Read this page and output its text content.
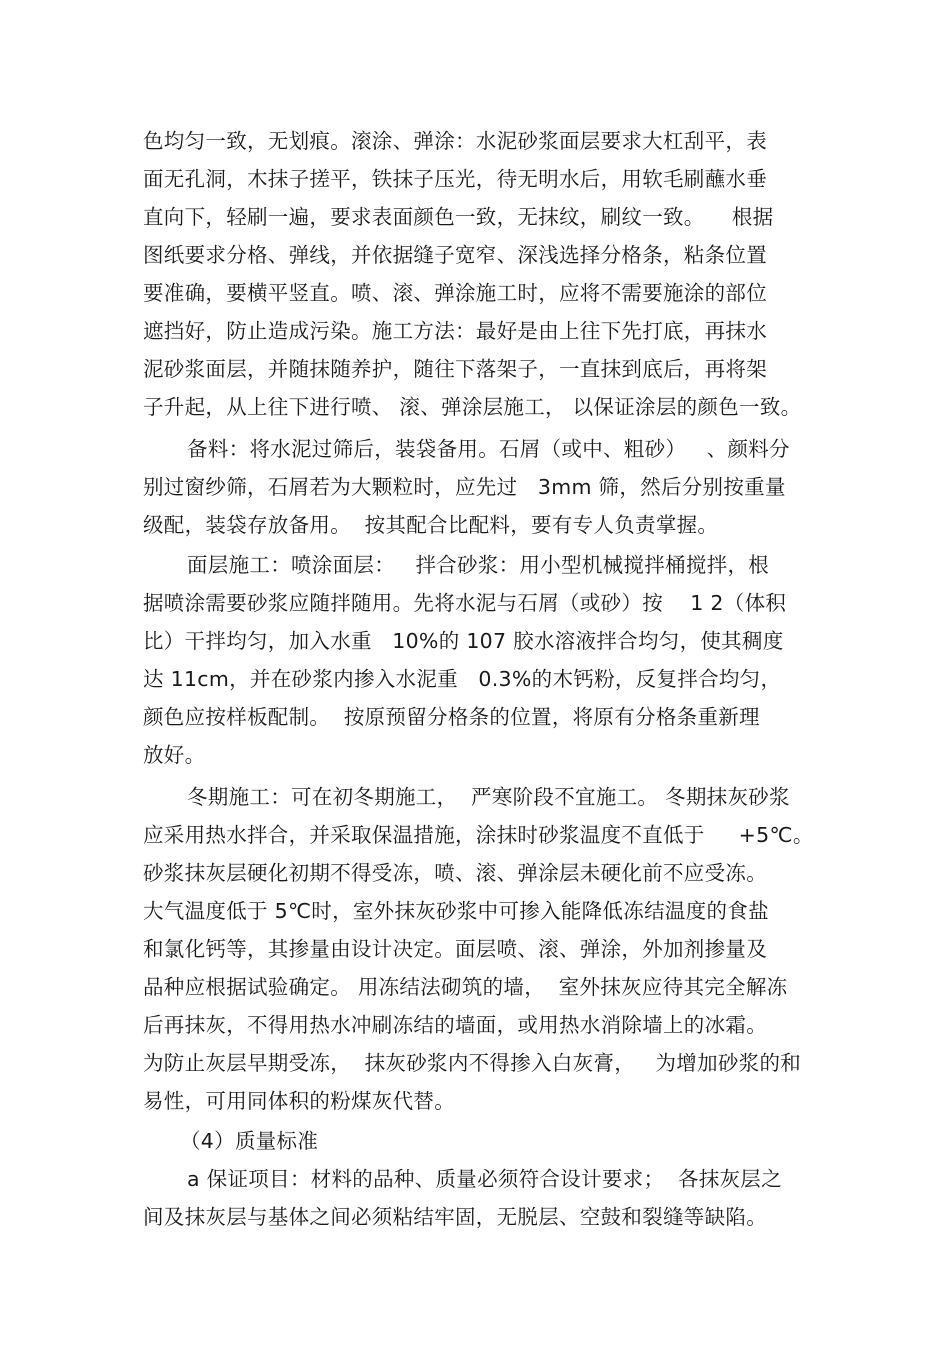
色均匀一致，无划痕。滚涂、弹涂：水泥砂浆面层要求大杠刮平，表
面无孔洞，木抹子搓平，铁抹子压光，待无明水后，用软毛刷蘸水垂
直向下，轻刷一遍，要求表面颜色一致，无抹纹，刷纹一致。    根据
图纸要求分格、弹线，并依据缝子宽窄、深浅选择分格条，粘条位置
要准确，要横平竖直。喷、滚、弹涂施工时，应将不需要施涂的部位
遮挡好，防止造成污染。施工方法：最好是由上往下先打底，再抹水
泥砂浆面层，并随抹随养护，随往下落架子，一直抹到底后，再将架
子升起，从上往下进行喷、 滚、弹涂层施工， 以保证涂层的颜色一致。
备料：将水泥过筛后，装袋备用。石屑（或中、粗砂）   、颜料分
别过窗纱筛，石屑若为大颗粒时，应先过   3mm 筛，然后分别按重量
级配，装袋存放备用。  按其配合比配料，要有专人负责掌握。
面层施工：喷涂面层：   拌合砂浆：用小型机械搅拌桶搅拌，根
据喷涂需要砂浆应随拌随用。先将水泥与石屑（或砂）按    1 2（体积
比）干拌均匀，加入水重   10%的 107 胶水溶液拌合均匀，使其稠度
达 11cm，并在砂浆内掺入水泥重   0.3%的木钙粉，反复拌合均匀，
颜色应按样板配制。  按原预留分格条的位置，将原有分格条重新理
放好。
冬期施工：可在初冬期施工，  严寒阶段不宜施工。 冬期抹灰砂浆
应采用热水拌合，并采取保温措施，涂抹时砂浆温度不直低于     +5℃。
砂浆抹灰层硬化初期不得受冻，喷、滚、弹涂层未硬化前不应受冻。
大气温度低于 5℃时，室外抹灰砂浆中可掺入能降低冻结温度的食盐
和氯化钙等，其掺量由设计决定。面层喷、滚、弹涂，外加剂掺量及
品种应根据试验确定。 用冻结法砌筑的墙，  室外抹灰应待其完全解冻
后再抹灰，不得用热水冲刷冻结的墙面，或用热水消除墙上的冰霜。
为防止灰层早期受冻，  抹灰砂浆内不得掺入白灰膏，   为增加砂浆的和
易性，可用同体积的粉煤灰代替。
（4）质量标准
a 保证项目：材料的品种、质量必须符合设计要求；  各抹灰层之
间及抹灰层与基体之间必须粘结牢固，无脱层、空鼓和裂缝等缺陷。
